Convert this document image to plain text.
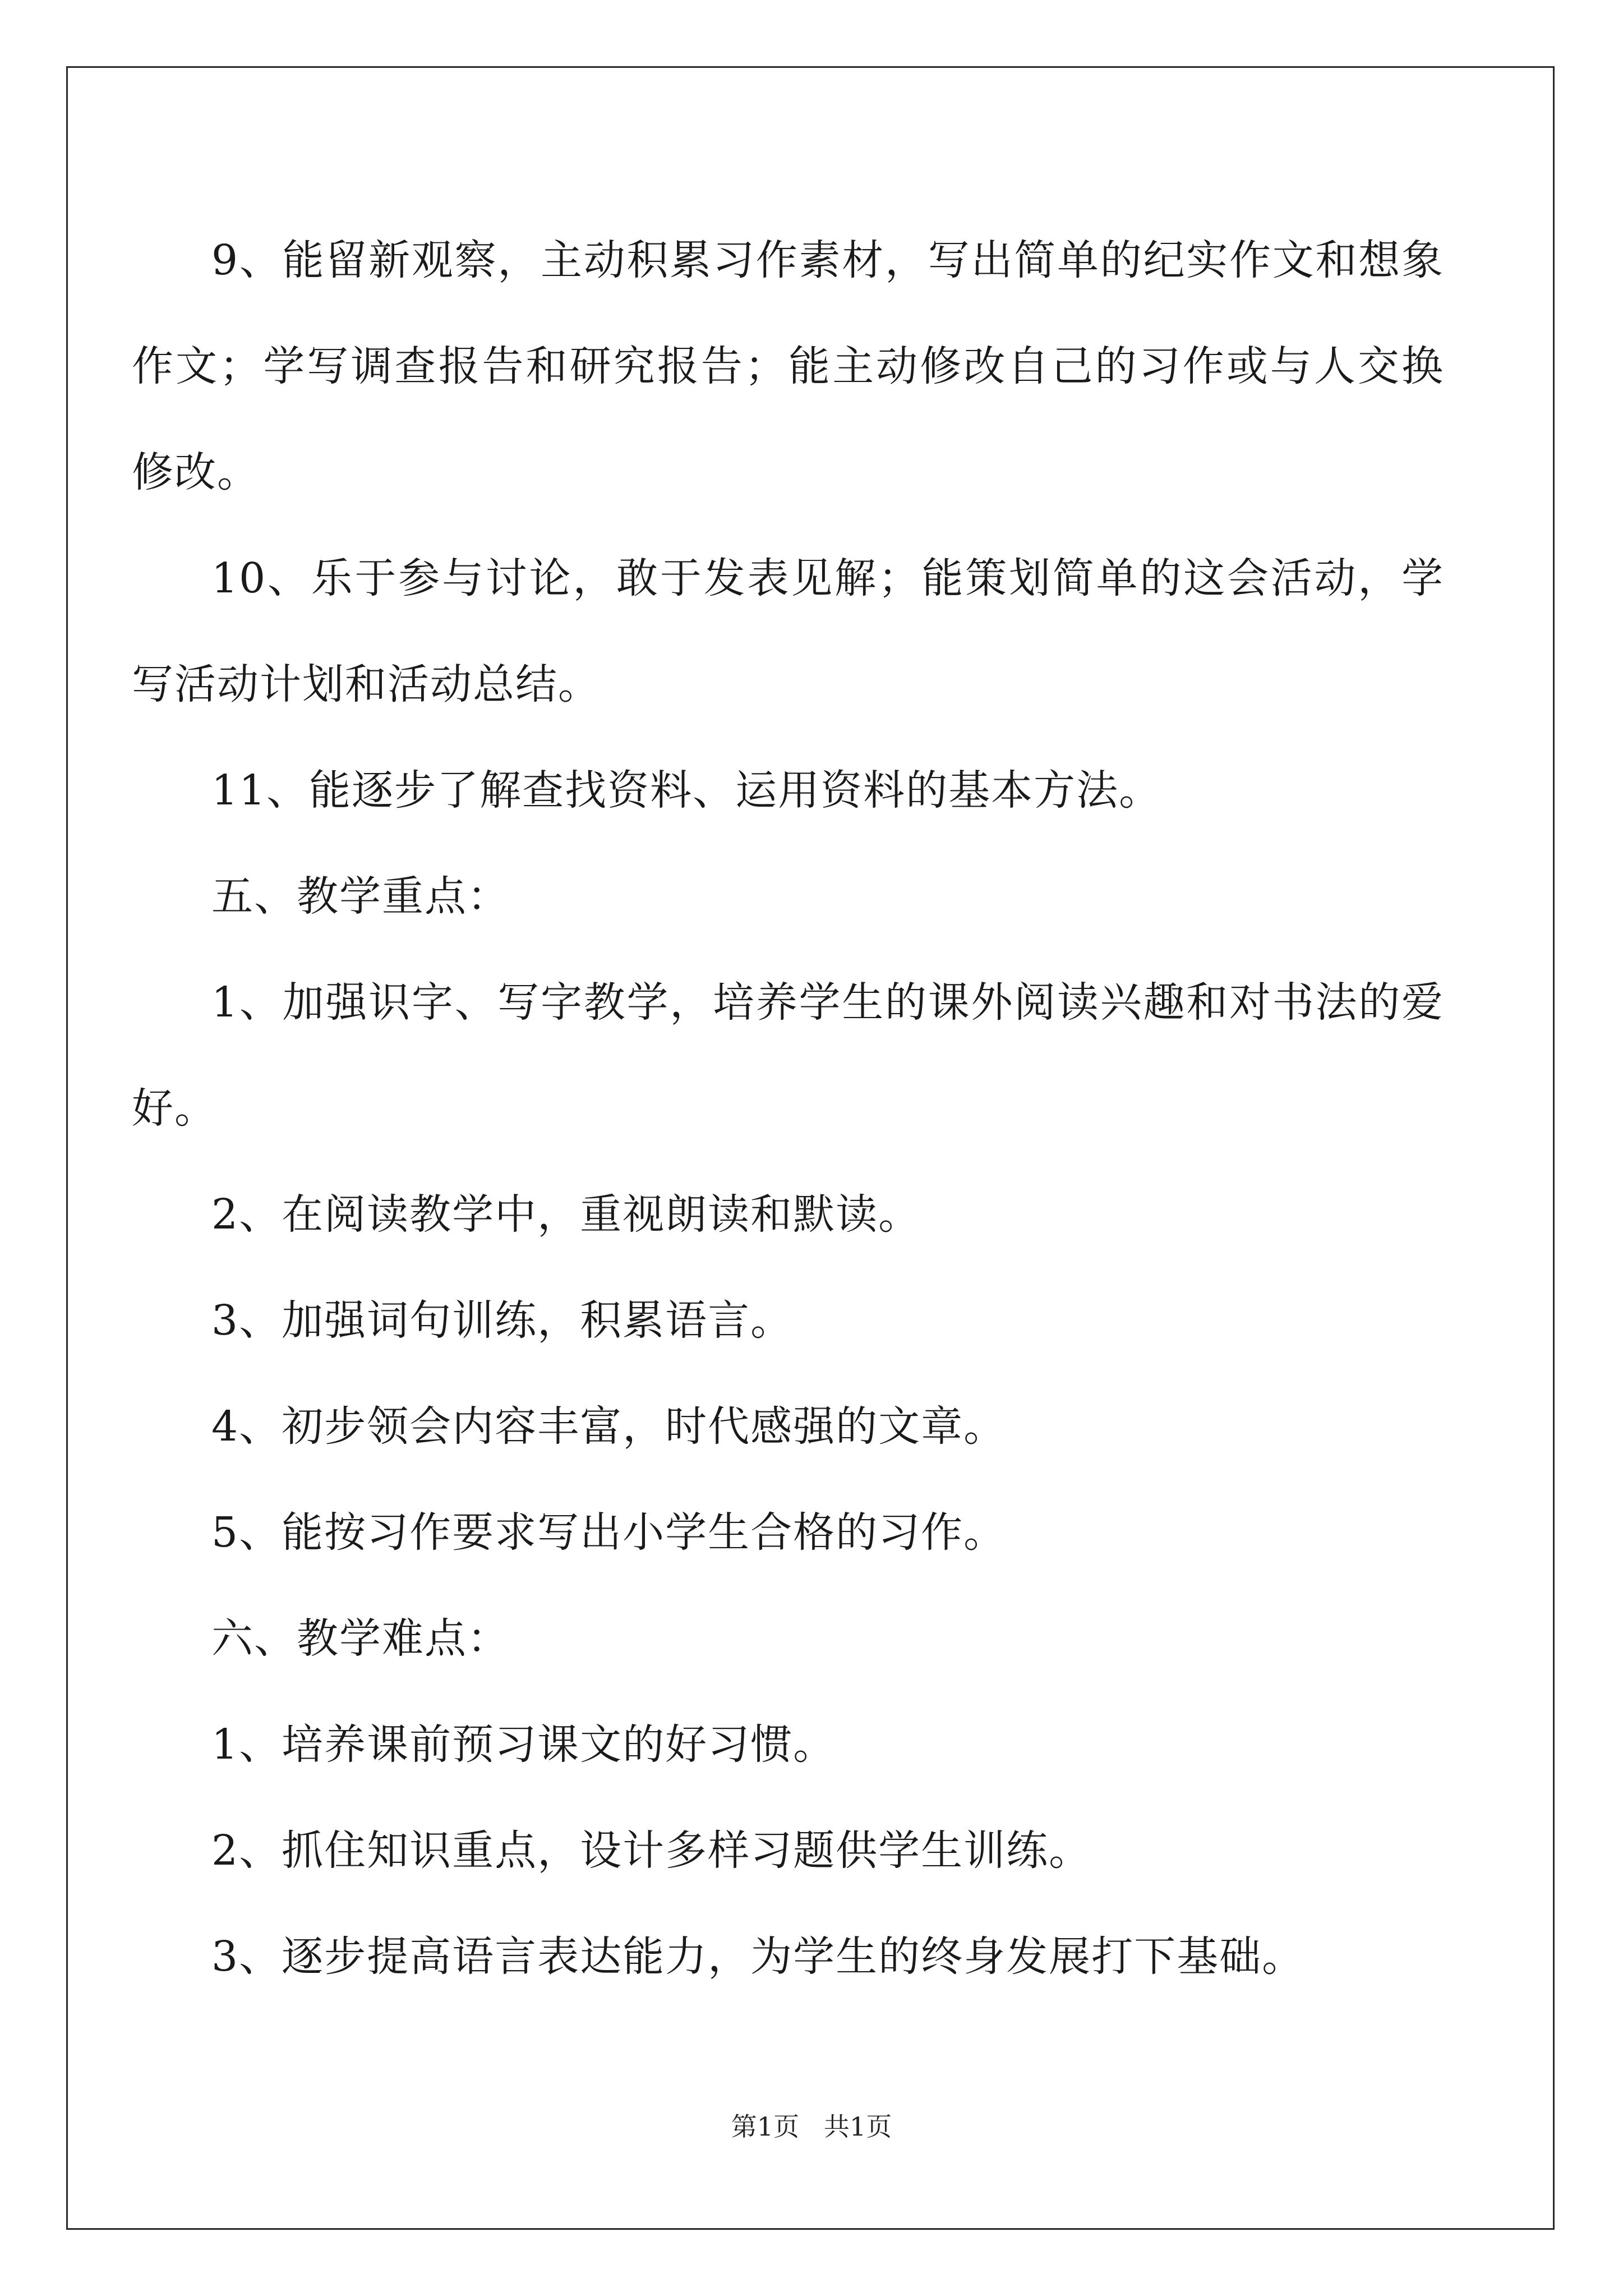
9、能留新观察，主动积累习作素材，写出简单的纪实作文和想象作文；学写调查报告和研究报告；能主动修改自己的习作或与人交换修改。

10、乐于参与讨论，敢于发表见解；能策划简单的这会活动，学写活动计划和活动总结。

11、能逐步了解查找资料、运用资料的基本方法。

五、教学重点：

1、加强识字、写字教学，培养学生的课外阅读兴趣和对书法的爱好。

2、在阅读教学中，重视朗读和默读。

3、加强词句训练，积累语言。

4、初步领会内容丰富，时代感强的文章。

5、能按习作要求写出小学生合格的习作。

六、教学难点：

1、培养课前预习课文的好习惯。

2、抓住知识重点，设计多样习题供学生训练。

3、逐步提高语言表达能力，为学生的终身发展打下基础。

第1页   共1页
